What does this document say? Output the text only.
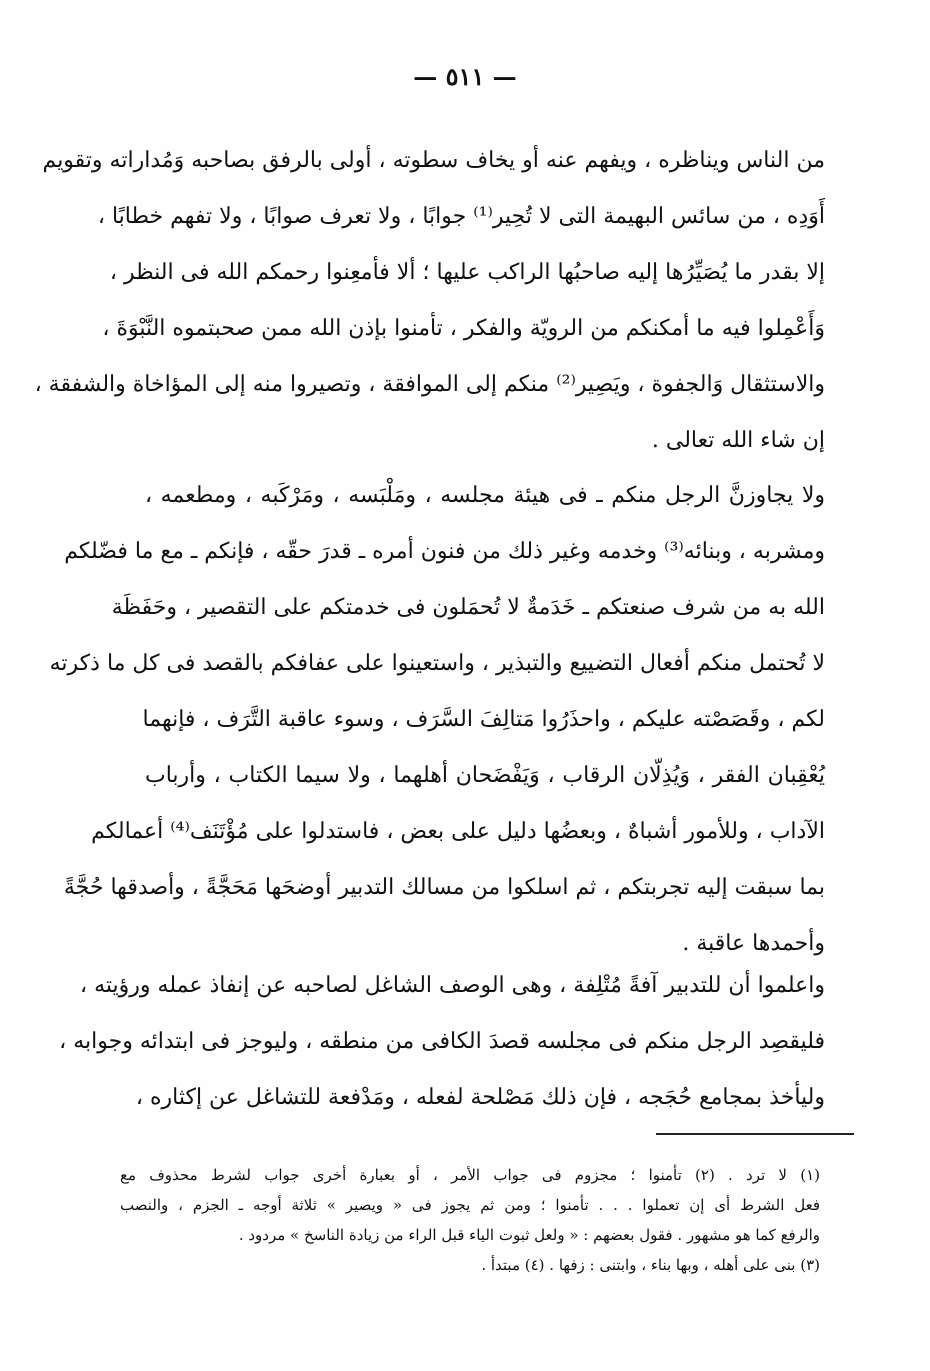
— ٥١١ —
من الناس ويناظره ، ويفهم عنه أو يخاف سطوته ، أولى بالرفق بصاحبه وَمُداراته وتقويم
أَوَدِه ، من سائس البهيمة التى لا تُحِير⁽¹⁾ جوابًا ، ولا تعرف صوابًا ، ولا تفهم خطابًا ،
إلا بقدر ما يُصَيِّرُها إليه صاحبُها الراكب عليها ؛ ألا فأمعِنوا رحمكم الله فى النظر ،
وَأَعْمِلوا فيه ما أمكنكم من الرويّة والفكر ، تأمنوا بإذن الله ممن صحبتموه النَّبْوَةَ ،
والاستثقال وَالجفوة ، ويَصِير⁽²⁾ منكم إلى الموافقة ، وتصيروا منه إلى المؤاخاة والشفقة ،
إن شاء الله تعالى .
ولا يجاوزنَّ الرجل منكم ـ فى هيئة مجلسه ، ومَلْبَسه ، ومَرْكَبه ، ومطعمه ،
ومشربه ، وبنائه⁽³⁾ وخدمه وغير ذلك من فنون أمره ـ قدرَ حقّه ، فإنكم ـ مع ما فضّلكم
الله به من شرف صنعتكم ـ خَدَمةٌ لا تُحمَلون فى خدمتكم على التقصير ، وحَفَظَة
لا تُحتمل منكم أفعال التضييع والتبذير ، واستعينوا على عفافكم بالقصد فى كل ما ذكرته
لكم ، وقَصَصْته عليكم ، واحذَرُوا مَتالِفَ السَّرَف ، وسوء عاقبة التَّرَف ، فإنهما
يُعْقِبان الفقر ، وَيُذِلّان الرقاب ، وَيَفْضَحان أهلهما ، ولا سيما الكتاب ، وأرباب
الآداب ، وللأمور أشباهٌ ، وبعضُها دليل على بعض ، فاستدلوا على مُؤْتَنَف⁽⁴⁾ أعمالكم
بما سبقت إليه تجربتكم ، ثم اسلكوا من مسالك التدبير أوضحَها مَحَجَّةً ، وأصدقها حُجَّةً
وأحمدها عاقبة .
واعلموا أن للتدبير آفةً مُتْلِفة ، وهى الوصف الشاغل لصاحبه عن إنفاذ عمله ورؤيته ،
فليقصِد الرجل منكم فى مجلسه قصدَ الكافى من منطقه ، وليوجز فى ابتدائه وجوابه ،
وليأخذ بمجامع حُجَجه ، فإن ذلك مَصْلحة لفعله ، ومَدْفعة للتشاغل عن إكثاره ،
(١) لا ترد . (٢) تأمنوا ؛ مجزوم فى جواب الأمر ، أو بعبارة أخرى جواب لشرط محذوف مع
فعل الشرط أى إن تعملوا . . . تأمنوا ؛ ومن ثم يجوز فى « ويصير » ثلاثة أوجه ـ الجزم ، والنصب
والرفع كما هو مشهور . فقول بعضهم : « ولعل ثبوت الياء قبل الراء من زيادة الناسخ » مردود .
(٣) بنى على أهله ، وبها بناء ، وابتنى : زفها . (٤) مبتدأ .
